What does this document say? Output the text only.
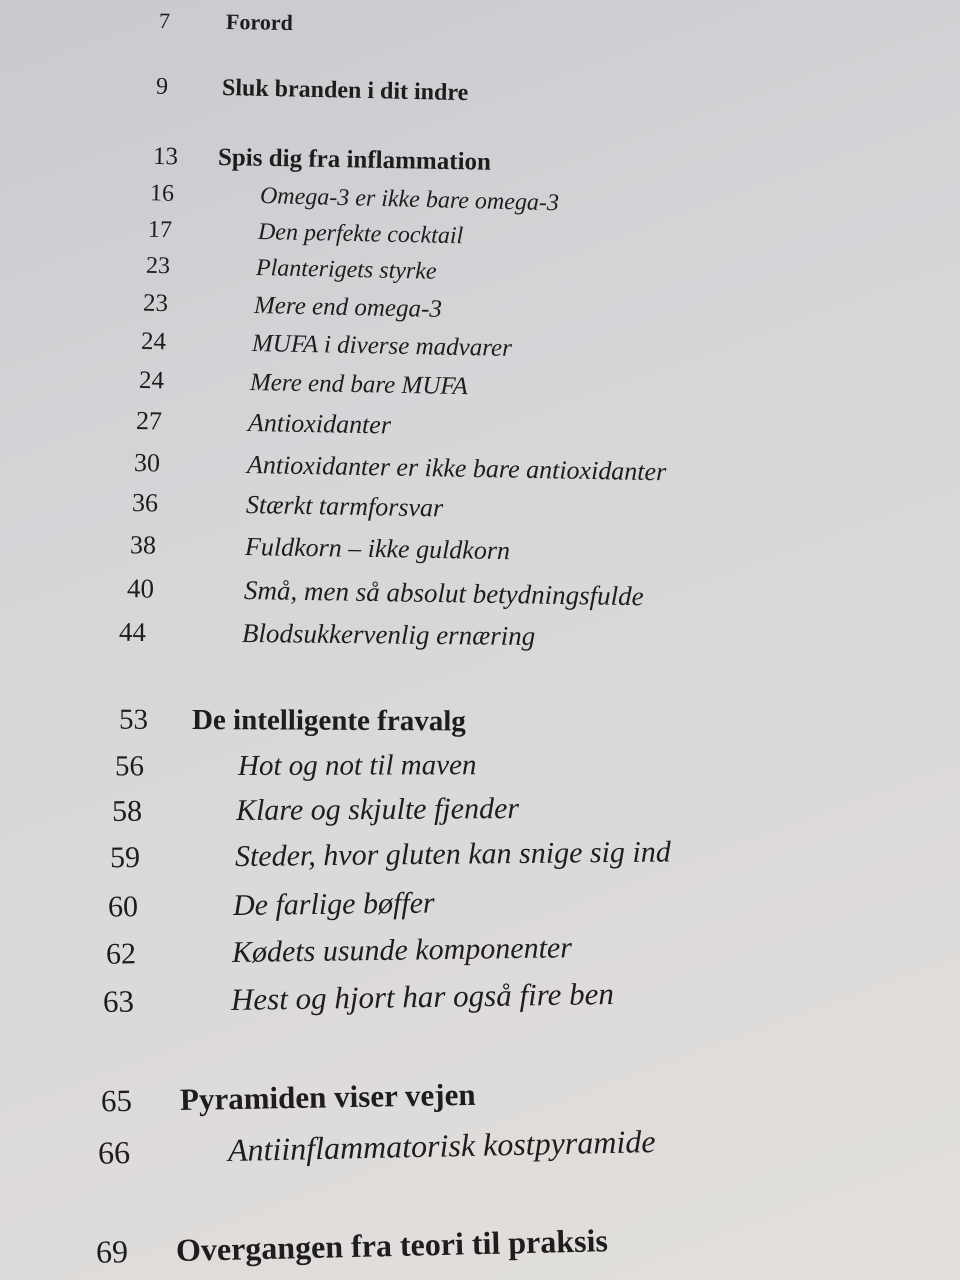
7	Forord
9 Sluk branden i dit indre
13 Spis dig fra inflammation
16	Omega-3 er ikke bare omega-3
17	Den perfekte cocktail
23	Planterigets styrke
23	Mere end omega-3
24	MUFA i diverse madvarer
24	Mere end bare MUFA
27	Antioxidanter
30	Antioxidanter er ikke bare antioxidanter
36	Stærkt tarmforsvar
38	Fuldkorn – ikke guldkorn
40	Små, men så absolut betydningsfulde
44	Blodsukkervenlig ernæring
53 De intelligente fravalg
56	Hot og not til maven
58	Klare og skjulte fjender
59	Steder, hvor gluten kan snige sig ind
60	De farlige bøffer
62	Kødets usunde komponenter
63	Hest og hjort har også fire ben
65 Pyramiden viser vejen
66	Antiinflammatorisk kostpyramide
69 Overgangen fra teori til praksis
